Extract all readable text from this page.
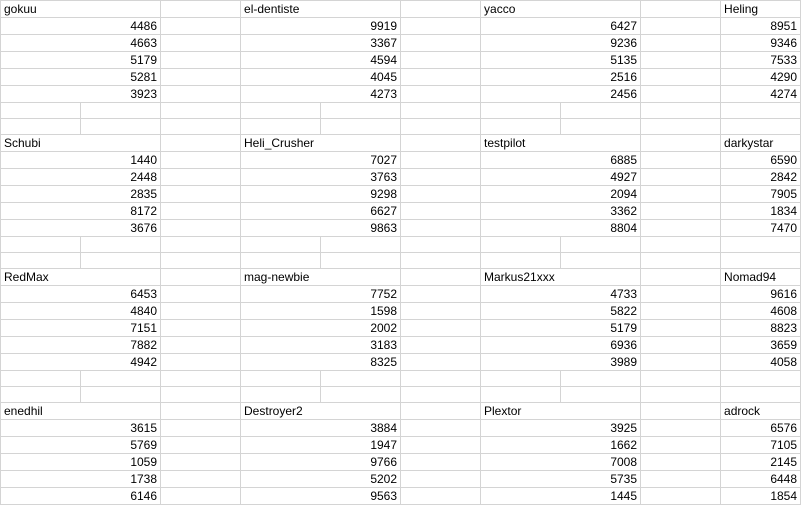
gokuu			el-dentiste			yacco			Heling
4486			9919			6427			8951
4663			3367			9236			9346
5179			4594			5135			7533
5281			4045			2516			4290
3923			4273			2456			4274

Schubi			Heli_Crusher			testpilot			darkystar
1440			7027			6885			6590
2448			3763			4927			2842
2835			9298			2094			7905
8172			6627			3362			1834
3676			9863			8804			7470

RedMax			mag-newbie			Markus21xxx			Nomad94
6453			7752			4733			9616
4840			1598			5822			4608
7151			2002			5179			8823
7882			3183			6936			3659
4942			8325			3989			4058

enedhil			Destroyer2			Plextor			adrock
3615			3884			3925			6576
5769			1947			1662			7105
1059			9766			7008			2145
1738			5202			5735			6448
6146			9563			1445			1854
